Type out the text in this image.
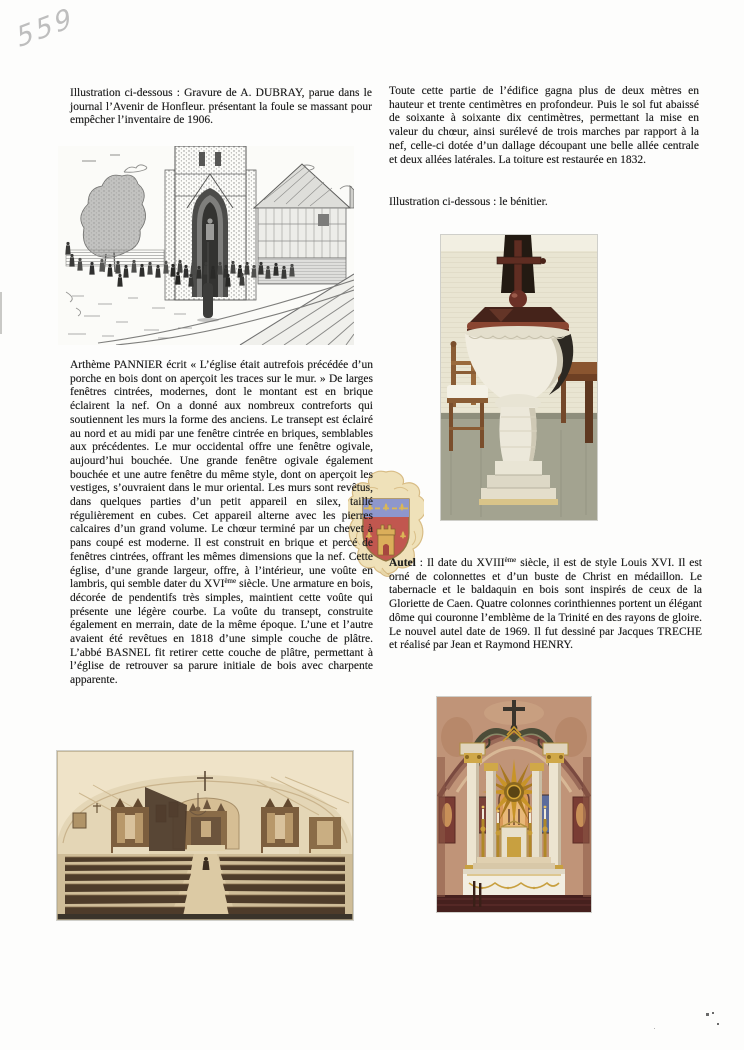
559
Illustration ci-dessous : Gravure de A. DUBRAY, parue dans le journal l’Avenir de Honfleur. présentant la foule se massant pour empêcher l’inventaire de 1906.
Arthème PANNIER écrit « L’église était autrefois précédée d’un porche en bois dont on aperçoit les traces sur le mur. » De larges fenêtres cintrées, modernes, dont le montant est en brique éclairent la nef. On a donné aux nombreux contreforts qui soutiennent les murs la forme des anciens. Le transept est éclairé au nord et au midi par une fenêtre cintrée en briques, semblables aux précédentes. Le mur occidental offre une fenêtre ogivale, aujourd’hui bouchée. Une grande fenêtre ogivale également bouchée et une autre fenêtre du même style, dont on aperçoit les vestiges, s’ouvraient dans le mur oriental. Les murs sont revêtus, dans quelques parties d’un petit appareil en silex, taillé régulièrement en cubes. Cet appareil alterne avec les pierres calcaires d’un grand volume. Le chœur terminé par un chevet à pans coupé est moderne. Il est construit en brique et percé de fenêtres cintrées, offrant les mêmes dimensions que la nef. Cette église, d’une grande largeur, offre, à l’intérieur, une voûte en lambris, qui semble dater du XVIème siècle. Une armature en bois, décorée de pendentifs très simples, maintient cette voûte qui présente une légère courbe. La voûte du transept, construite également en merrain, date de la même époque. L’une et l’autre avaient été revêtues en 1818 d’une simple couche de plâtre. L’abbé BASNEL fit retirer cette couche de plâtre, permettant à l’église de retrouver sa parure initiale de bois avec charpente apparente.
Toute cette partie de l’édifice gagna plus de deux mètres en hauteur et trente centimètres en profondeur. Puis le sol fut abaissé de soixante à soixante dix centimètres, permettant la mise en valeur du chœur, ainsi surélevé de trois marches par rapport à la nef, celle-ci dotée d’un dallage découpant une belle allée centrale et deux allées latérales. La toiture est restaurée en 1832.
Illustration ci-dessous : le bénitier.
Autel : Il date du XVIIIème siècle, il est de style Louis XVI. Il est orné de colonnettes et d’un buste de Christ en médaillon. Le tabernacle et le baldaquin en bois sont inspirés de ceux de la Gloriette de Caen. Quatre colonnes corinthiennes portent un élégant dôme qui couronne l’emblème de la Trinité en des rayons de gloire. Le nouvel autel date de 1969. Il fut dessiné par Jacques TRECHE et réalisé par Jean et Raymond HENRY.
